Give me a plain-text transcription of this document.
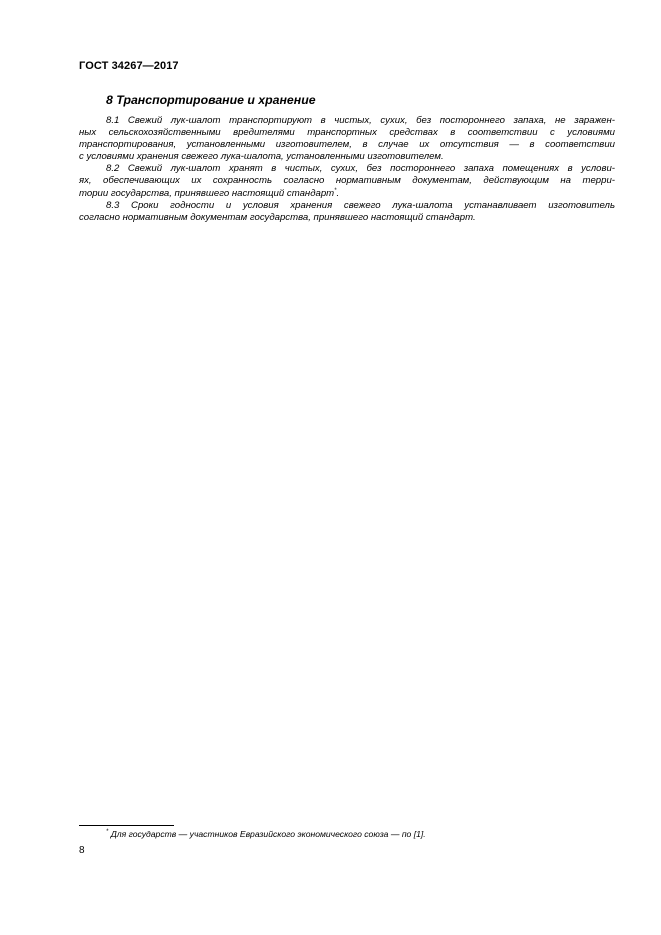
ГОСТ 34267—2017
8 Транспортирование и хранение
8.1 Свежий лук-шалот транспортируют в чистых, сухих, без постороннего запаха, не заражен-
ных сельскохозяйственными вредителями транспортных средствах в соответствии с условиями
транспортирования, установленными изготовителем, в случае их отсутствия — в соответствии
с условиями хранения свежего лука-шалота, установленными изготовителем.
8.2 Свежий лук-шалот хранят в чистых, сухих, без постороннего запаха помещениях в услови-
ях, обеспечивающих их сохранность согласно нормативным документам, действующим на терри-
тории государства, принявшего настоящий стандарт*.
8.3 Сроки годности и условия хранения свежего лука-шалота устанавливает изготовитель
согласно нормативным документам государства, принявшего настоящий стандарт.
* Для государств — участников Евразийского экономического союза — по [1].
8
